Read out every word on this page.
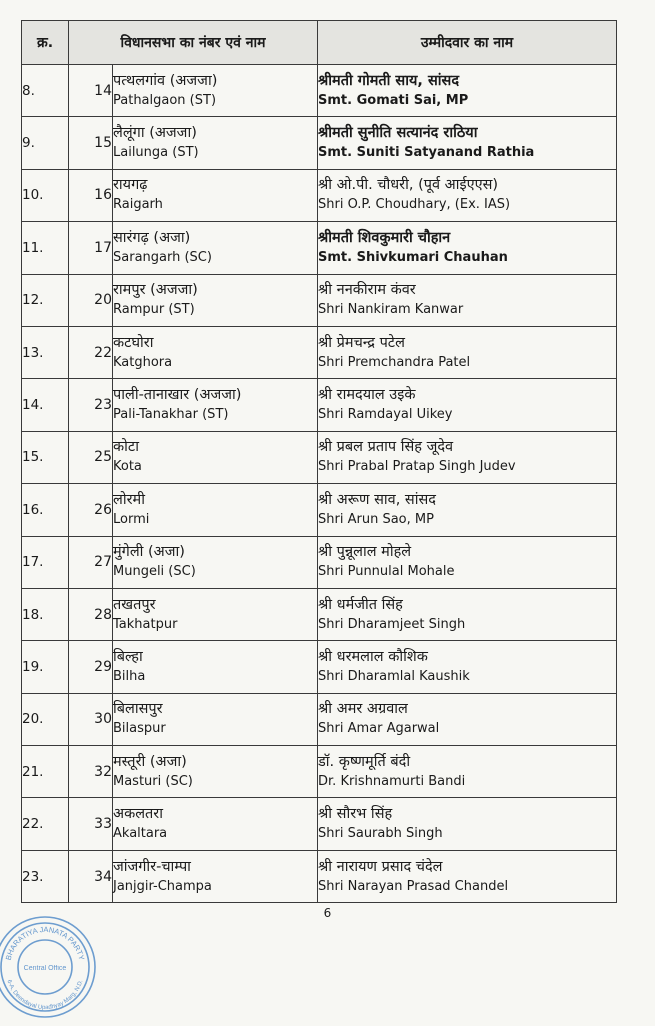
क्र.	विधानसभा का नंबर एवं नाम		उम्मीदवार का नाम
8.	14	पत्थलगांव (अजजा)
Pathalgaon (ST)	श्रीमती गोमती साय, सांसद
Smt. Gomati Sai, MP

9.	15	लैलूंगा (अजजा)
Lailunga (ST)	श्रीमती सुनीति सत्यानंद राठिया
Smt. Suniti Satyanand Rathia

10.	16	रायगढ़
Raigarh	श्री ओ.पी. चौधरी, (पूर्व आईएएस)
Shri O.P. Choudhary, (Ex. IAS)

11.	17	सारंगढ़ (अजा)
Sarangarh (SC)	श्रीमती शिवकुमारी चौहान
Smt. Shivkumari Chauhan

12.	20	रामपुर (अजजा)
Rampur (ST)	श्री ननकीराम कंवर
Shri Nankiram Kanwar

13.	22	कटघोरा
Katghora	श्री प्रेमचन्द्र पटेल
Shri Premchandra Patel

14.	23	पाली-तानाखार (अजजा)
Pali-Tanakhar (ST)	श्री रामदयाल उइके
Shri Ramdayal Uikey

15.	25	कोटा
Kota	श्री प्रबल प्रताप सिंह जूदेव
Shri Prabal Pratap Singh Judev

16.	26	लोरमी
Lormi	श्री अरूण साव, सांसद
Shri Arun Sao, MP

17.	27	मुंगेली (अजा)
Mungeli (SC)	श्री पुन्नूलाल मोहले
Shri Punnulal Mohale

18.	28	तखतपुर
Takhatpur	श्री धर्मजीत सिंह
Shri Dharamjeet Singh

19.	29	बिल्हा
Bilha	श्री धरमलाल कौशिक
Shri Dharamlal Kaushik

20.	30	बिलासपुर
Bilaspur	श्री अमर अग्रवाल
Shri Amar Agarwal

21.	32	मस्तूरी (अजा)
Masturi (SC)	डॉ. कृष्णमूर्ति बंदी
Dr. Krishnamurti Bandi

22.	33	अकलतरा
Akaltara	श्री सौरभ सिंह
Shri Saurabh Singh

23.	34	जांजगीर-चाम्पा
Janjgir-Champa	श्री नारायण प्रसाद चंदेल
Shri Narayan Prasad Chandel
6
BHARATIYA JANATA PARTY
6-A, Deendayal Upadhyay Marg, N.D.
Central Office
